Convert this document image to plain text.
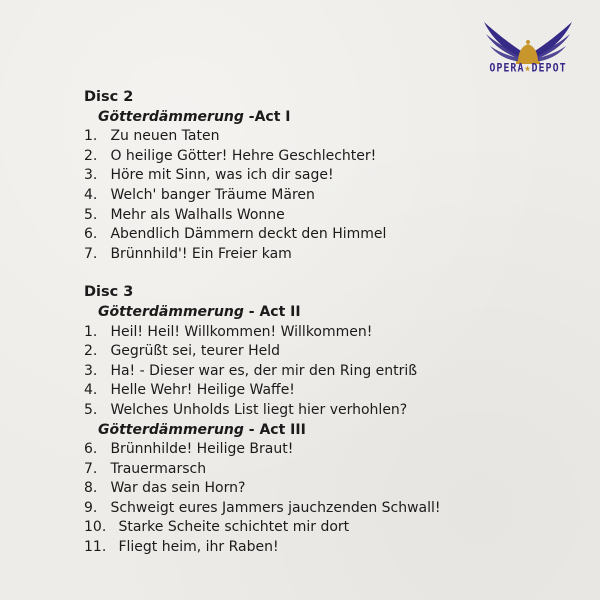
OPERA★DEPOT
Disc 2
Götterdämmerung -Act I
1. Zu neuen Taten
2. O heilige Götter! Hehre Geschlechter!
3. Höre mit Sinn, was ich dir sage!
4. Welch' banger Träume Mären
5. Mehr als Walhalls Wonne
6. Abendlich Dämmern deckt den Himmel
7. Brünnhild'! Ein Freier kam
Disc 3
Götterdämmerung - Act II
1. Heil! Heil! Willkommen! Willkommen!
2. Gegrüßt sei, teurer Held
3. Ha! - Dieser war es, der mir den Ring entriß
4. Helle Wehr! Heilige Waffe!
5. Welches Unholds List liegt hier verhohlen?
Götterdämmerung - Act III
6. Brünnhilde! Heilige Braut!
7. Trauermarsch
8. War das sein Horn?
9. Schweigt eures Jammers jauchzenden Schwall!
10. Starke Scheite schichtet mir dort
11. Fliegt heim, ihr Raben!
